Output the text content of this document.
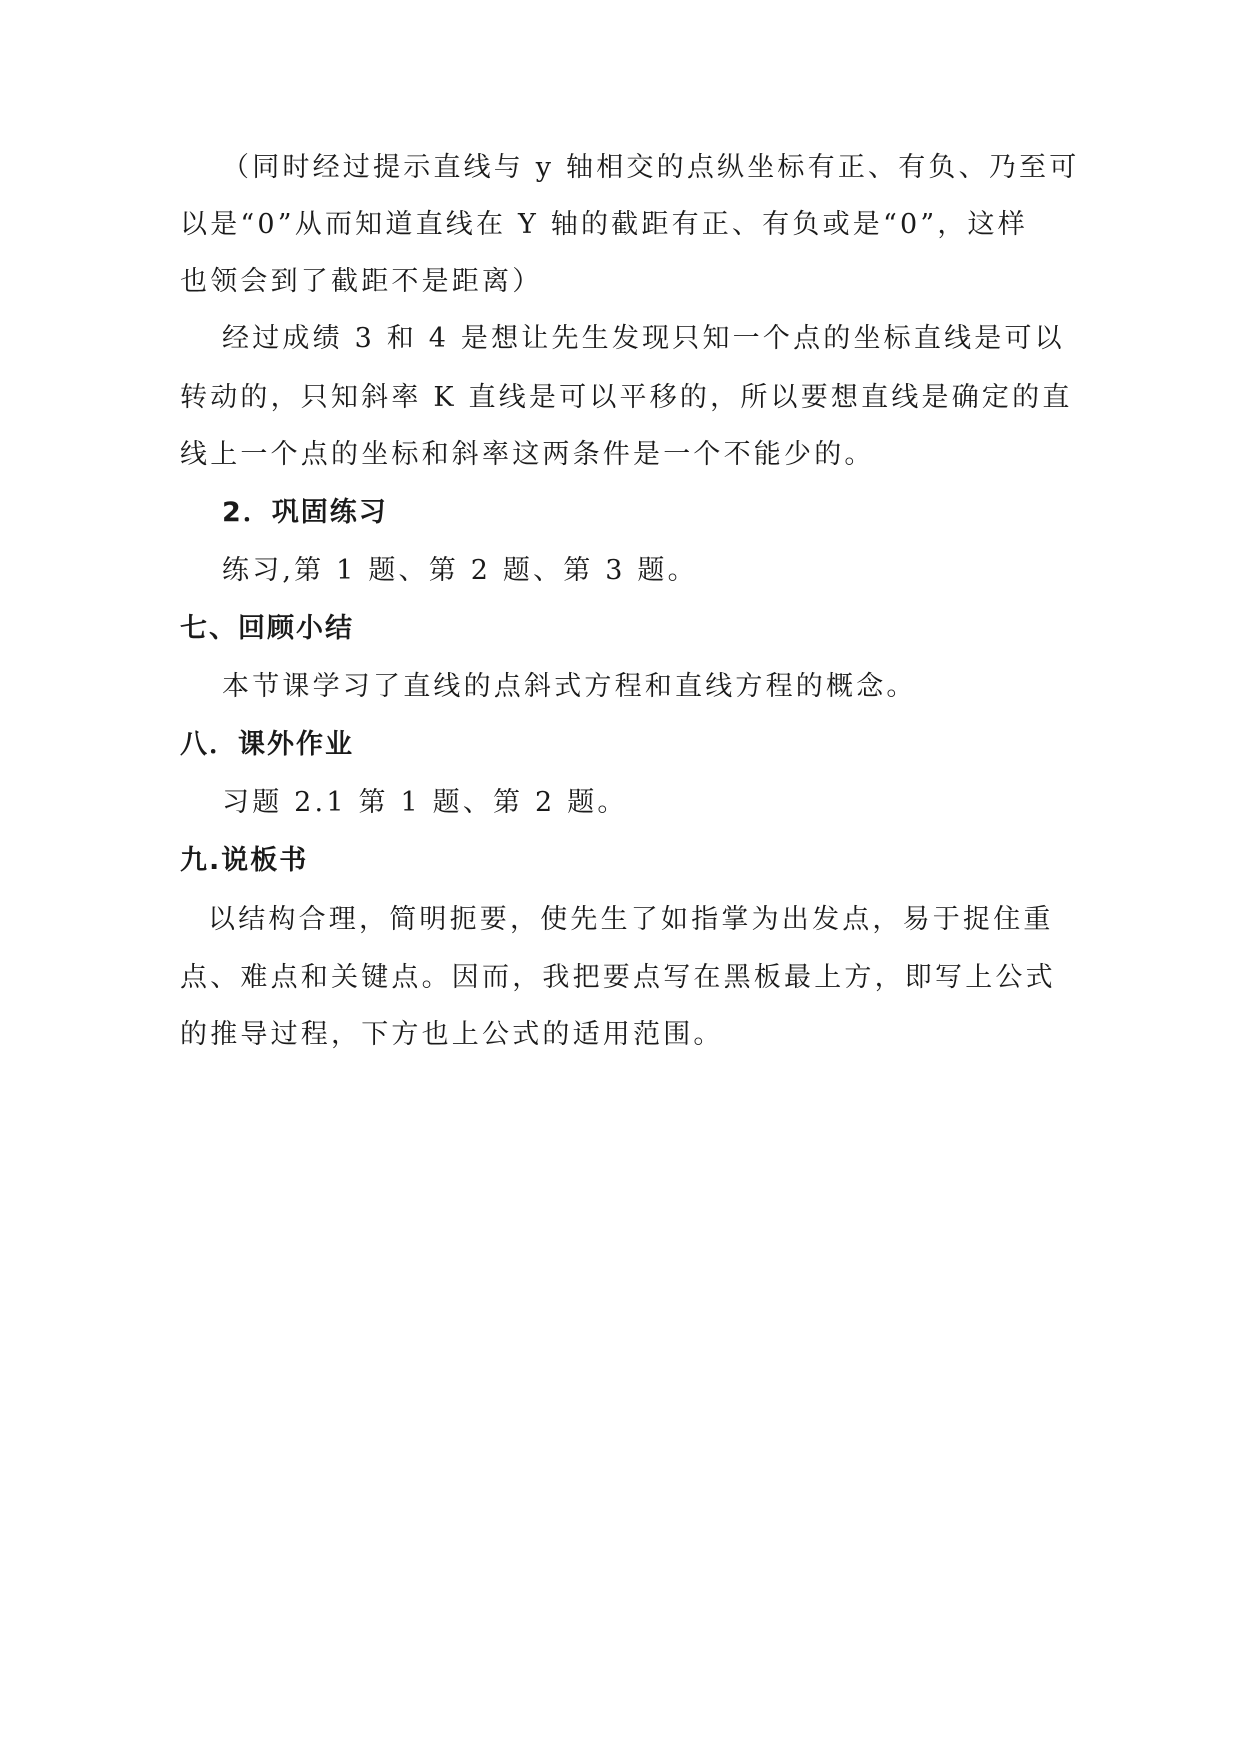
（同时经过提示直线与 y 轴相交的点纵坐标有正、有负、乃至可
以是“0”从而知道直线在 Y 轴的截距有正、有负或是“0”，这样
也领会到了截距不是距离）
经过成绩 3 和 4 是想让先生发现只知一个点的坐标直线是可以
转动的，只知斜率 K 直线是可以平移的，所以要想直线是确定的直
线上一个点的坐标和斜率这两条件是一个不能少的。
2．巩固练习
练习,第 1 题、第 2 题、第 3 题。
七、回顾小结
本节课学习了直线的点斜式方程和直线方程的概念。
八．课外作业
习题 2.1 第 1 题、第 2 题。
九.说板书
以结构合理，简明扼要，使先生了如指掌为出发点，易于捉住重
点、难点和关键点。因而，我把要点写在黑板最上方，即写上公式
的推导过程，下方也上公式的适用范围。
